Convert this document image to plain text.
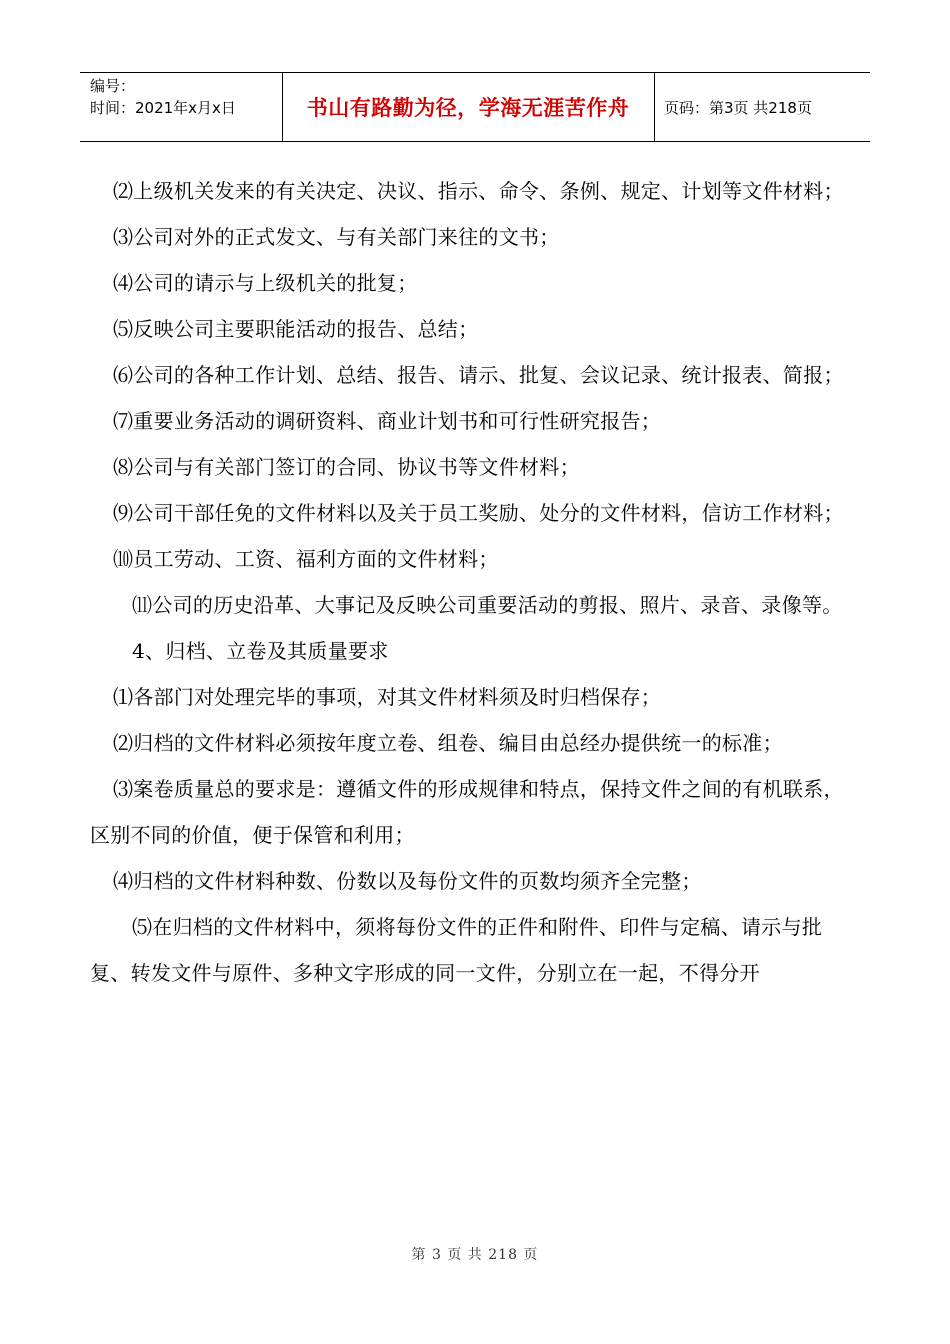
编号：
时间：2021年x月x日	书山有路勤为径，学海无涯苦作舟	页码：第3页 共218页

⑵上级机关发来的有关决定、决议、指示、命令、条例、规定、计划等文件材料；

⑶公司对外的正式发文、与有关部门来往的文书；

⑷公司的请示与上级机关的批复；

⑸反映公司主要职能活动的报告、总结；

⑹公司的各种工作计划、总结、报告、请示、批复、会议记录、统计报表、简报；

⑺重要业务活动的调研资料、商业计划书和可行性研究报告；

⑻公司与有关部门签订的合同、协议书等文件材料；

⑼公司干部任免的文件材料以及关于员工奖励、处分的文件材料，信访工作材料；

⑽员工劳动、工资、福利方面的文件材料；

⑾公司的历史沿革、大事记及反映公司重要活动的剪报、照片、录音、录像等。

4、归档、立卷及其质量要求

⑴各部门对处理完毕的事项，对其文件材料须及时归档保存；

⑵归档的文件材料必须按年度立卷、组卷、编目由总经办提供统一的标准；

⑶案卷质量总的要求是：遵循文件的形成规律和特点，保持文件之间的有机联系，区别不同的价值，便于保管和利用；

⑷归档的文件材料种数、份数以及每份文件的页数均须齐全完整；

⑸在归档的文件材料中，须将每份文件的正件和附件、印件与定稿、请示与批复、转发文件与原件、多种文字形成的同一文件，分别立在一起，不得分开

第 3 页 共 218 页
